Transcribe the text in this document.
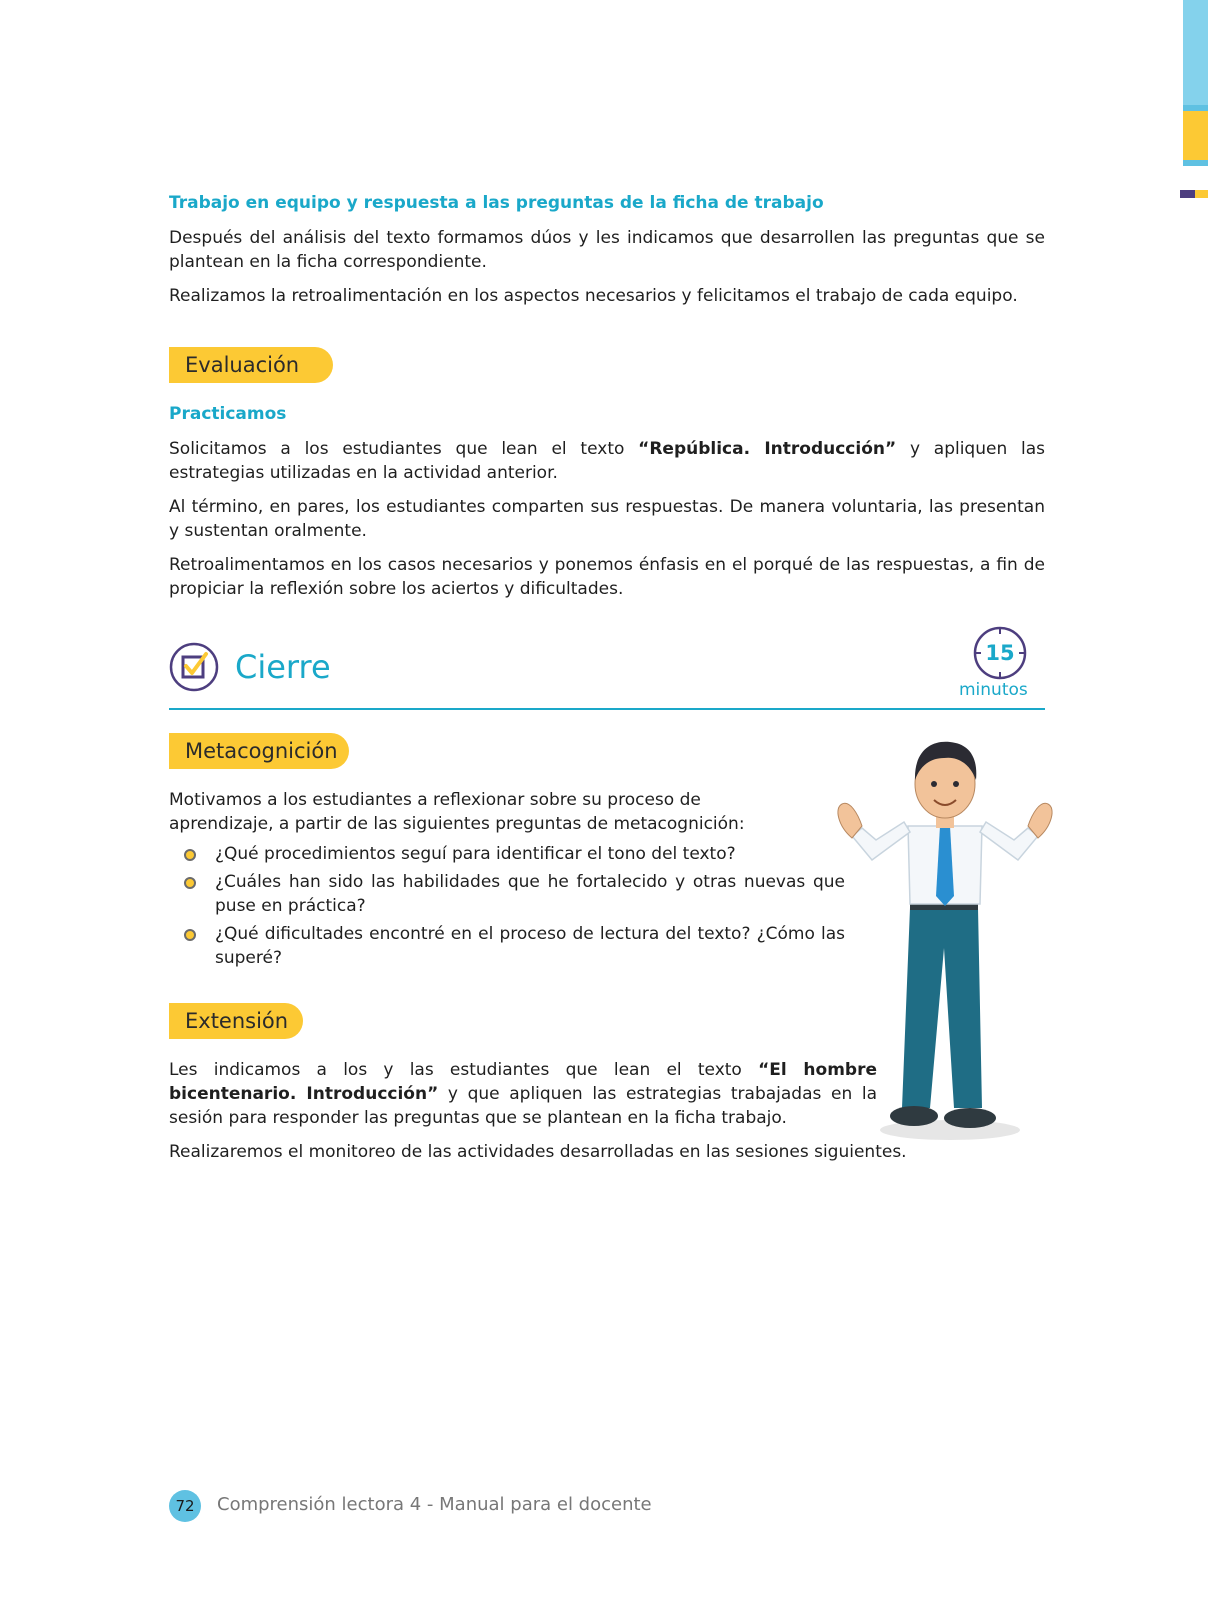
Trabajo en equipo y respuesta a las preguntas de la ficha de trabajo

Después del análisis del texto formamos dúos y les indicamos que desarrollen las preguntas que se plantean en la ficha correspondiente.

Realizamos la retroalimentación en los aspectos necesarios y felicitamos el trabajo de cada equipo.

Evaluación

Practicamos

Solicitamos a los estudiantes que lean el texto “República. Introducción” y apliquen las estrategias utilizadas en la actividad anterior.

Al término, en pares, los estudiantes comparten sus respuestas. De manera voluntaria, las presentan y sustentan oralmente.

Retroalimentamos en los casos necesarios y ponemos énfasis en el porqué de las respuestas, a fin de propiciar la reflexión sobre los aciertos y dificultades.

Cierre	15
minutos
Metacognición

Motivamos a los estudiantes a reflexionar sobre su proceso de aprendizaje, a partir de las siguientes preguntas de metacognición:

¿Qué procedimientos seguí para identificar el tono del texto?
¿Cuáles han sido las habilidades que he fortalecido y otras nuevas que puse en práctica?
¿Qué dificultades encontré en el proceso de lectura del texto? ¿Cómo las superé?
Extensión

Les indicamos a los y las estudiantes que lean el texto “El hombre bicentenario. Introducción” y que apliquen las estrategias trabajadas en la sesión para responder las preguntas que se plantean en la ficha trabajo.

Realizaremos el monitoreo de las actividades desarrolladas en las sesiones siguientes.

72	Comprensión lectora 4 - Manual para el docente
